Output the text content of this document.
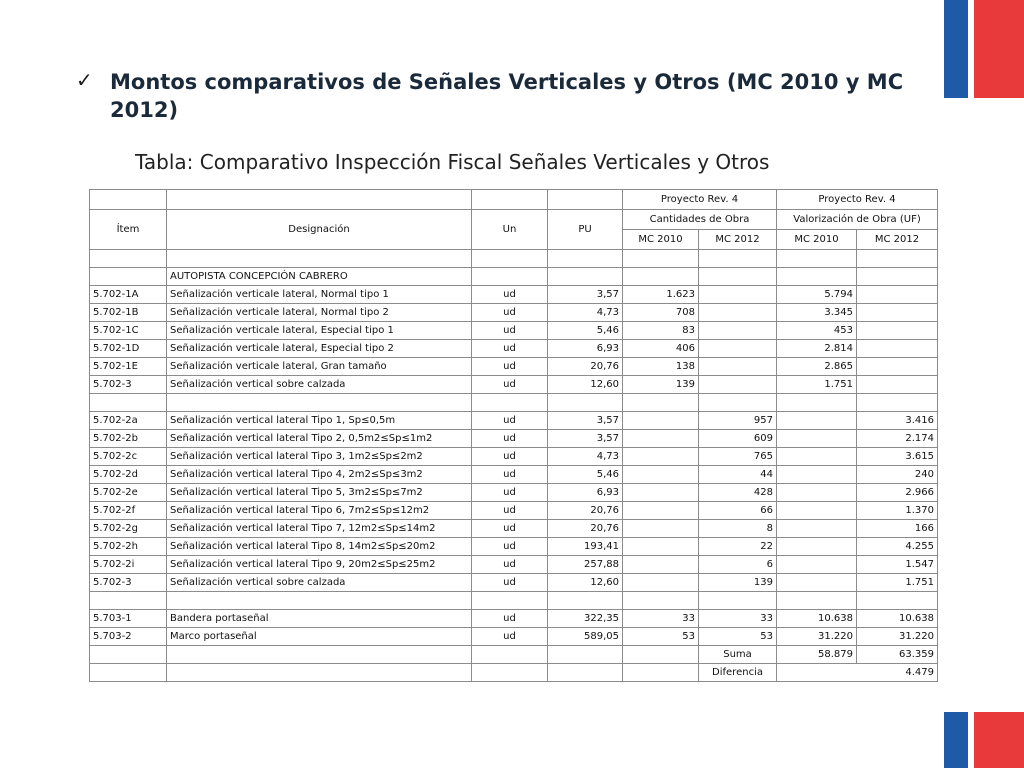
✓ Montos comparativos de Señales Verticales y Otros (MC 2010 y MC 2012)
Tabla: Comparativo Inspección Fiscal Señales Verticales y Otros
				Proyecto Rev. 4		Proyecto Rev. 4	
Ítem	Designación	Un	PU	Cantidades de Obra		Valorización de Obra (UF)	
				MC 2010	MC 2012	MC 2010	MC 2012

	AUTOPISTA CONCEPCIÓN CABRERO						
5.702-1A	Señalización verticale lateral, Normal tipo 1	ud	3,57	1.623		5.794	
5.702-1B	Señalización verticale lateral, Normal tipo 2	ud	4,73	708		3.345	
5.702-1C	Señalización verticale lateral, Especial tipo 1	ud	5,46	83		453	
5.702-1D	Señalización verticale lateral, Especial tipo 2	ud	6,93	406		2.814	
5.702-1E	Señalización verticale lateral, Gran tamaño	ud	20,76	138		2.865	
5.702-3	Señalización vertical sobre calzada	ud	12,60	139		1.751	

5.702-2a	Señalización vertical lateral Tipo 1, Sp≤0,5m	ud	3,57		957		3.416
5.702-2b	Señalización vertical lateral Tipo 2, 0,5m2≤Sp≤1m2	ud	3,57		609		2.174
5.702-2c	Señalización vertical lateral Tipo 3, 1m2≤Sp≤2m2	ud	4,73		765		3.615
5.702-2d	Señalización vertical lateral Tipo 4, 2m2≤Sp≤3m2	ud	5,46		44		240
5.702-2e	Señalización vertical lateral Tipo 5, 3m2≤Sp≤7m2	ud	6,93		428		2.966
5.702-2f	Señalización vertical lateral Tipo 6, 7m2≤Sp≤12m2	ud	20,76		66		1.370
5.702-2g	Señalización vertical lateral Tipo 7, 12m2≤Sp≤14m2	ud	20,76		8		166
5.702-2h	Señalización vertical lateral Tipo 8, 14m2≤Sp≤20m2	ud	193,41		22		4.255
5.702-2i	Señalización vertical lateral Tipo 9, 20m2≤Sp≤25m2	ud	257,88		6		1.547
5.702-3	Señalización vertical sobre calzada	ud	12,60		139		1.751

5.703-1	Bandera portaseñal	ud	322,35	33	33	10.638	10.638
5.703-2	Marco portaseñal	ud	589,05	53	53	31.220	31.220
					Suma	58.879	63.359
					Diferencia	4.479	
